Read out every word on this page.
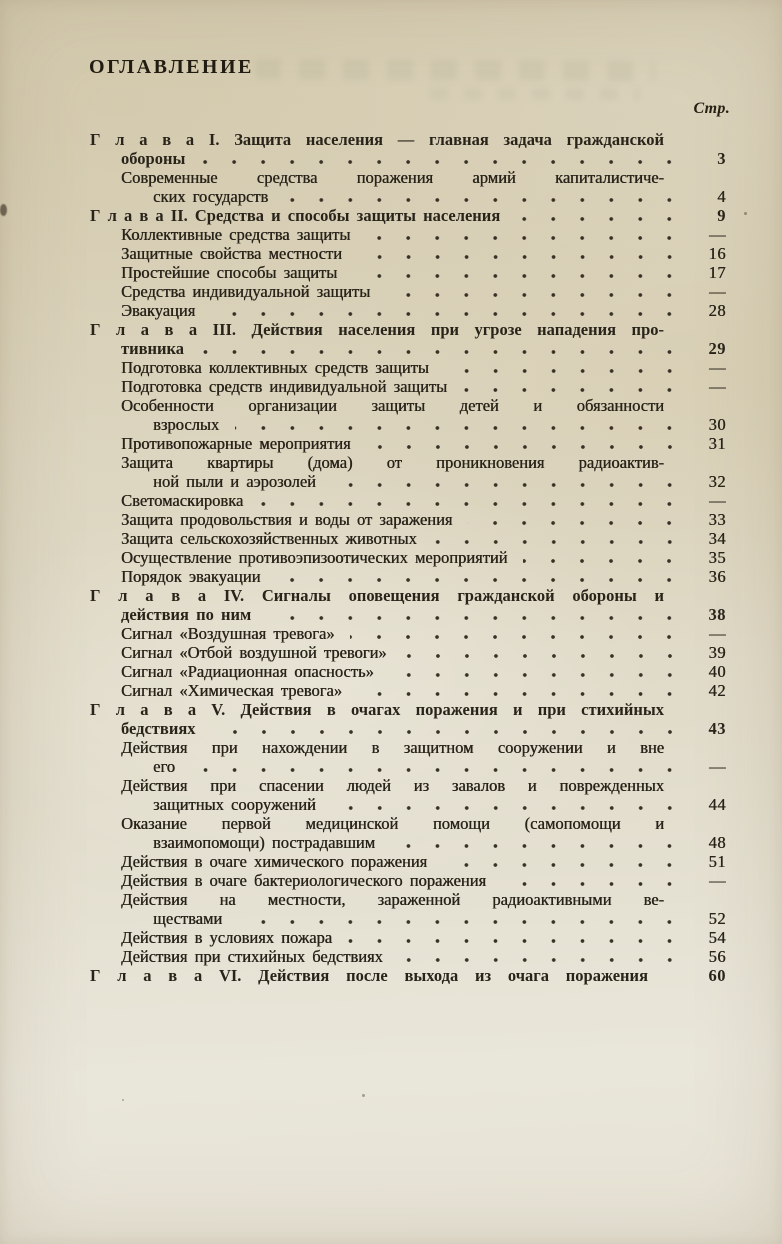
ОГЛАВЛЕНИЕ
Стр.
Г л а в а I. Защита населения — главная задача гражданской
обороны	3
Современные средства поражения армий капиталистиче-
ских государств	4
Г л а в а II. Средства и способы защиты населения	9
Коллективные средства защиты	—
Защитные свойства местности	16
Простейшие способы защиты	17
Средства индивидуальной защиты	—
Эвакуация	28
Г л а в а III. Действия населения при угрозе нападения про-
тивника	29
Подготовка коллективных средств защиты	—
Подготовка средств индивидуальной защиты	—
Особенности организации защиты детей и обязанности
взрослых	30
Противопожарные мероприятия	31
Защита квартиры (дома) от проникновения радиоактив-
ной пыли и аэрозолей	32
Светомаскировка	—
Защита продовольствия и воды от заражения	33
Защита сельскохозяйственных животных	34
Осуществление противоэпизоотических мероприятий	35
Порядок эвакуации	36
Г л а в а IV. Сигналы оповещения гражданской обороны и
действия по ним	38
Сигнал «Воздушная тревога»	—
Сигнал «Отбой воздушной тревоги»	39
Сигнал «Радиационная опасность»	40
Сигнал «Химическая тревога»	42
Г л а в а V. Действия в очагах поражения и при стихийных
бедствиях	43
Действия при нахождении в защитном сооружении и вне
его	—
Действия при спасении людей из завалов и поврежденных
защитных сооружений	44
Оказание первой медицинской помощи (самопомощи и
взаимопомощи) пострадавшим	48
Действия в очаге химического поражения	51
Действия в очаге бактериологического поражения	—
Действия на местности, зараженной радиоактивными ве-
ществами	52
Действия в условиях пожара	54
Действия при стихийных бедствиях	56
Г л а в а VI. Действия после выхода из очага поражения	60
